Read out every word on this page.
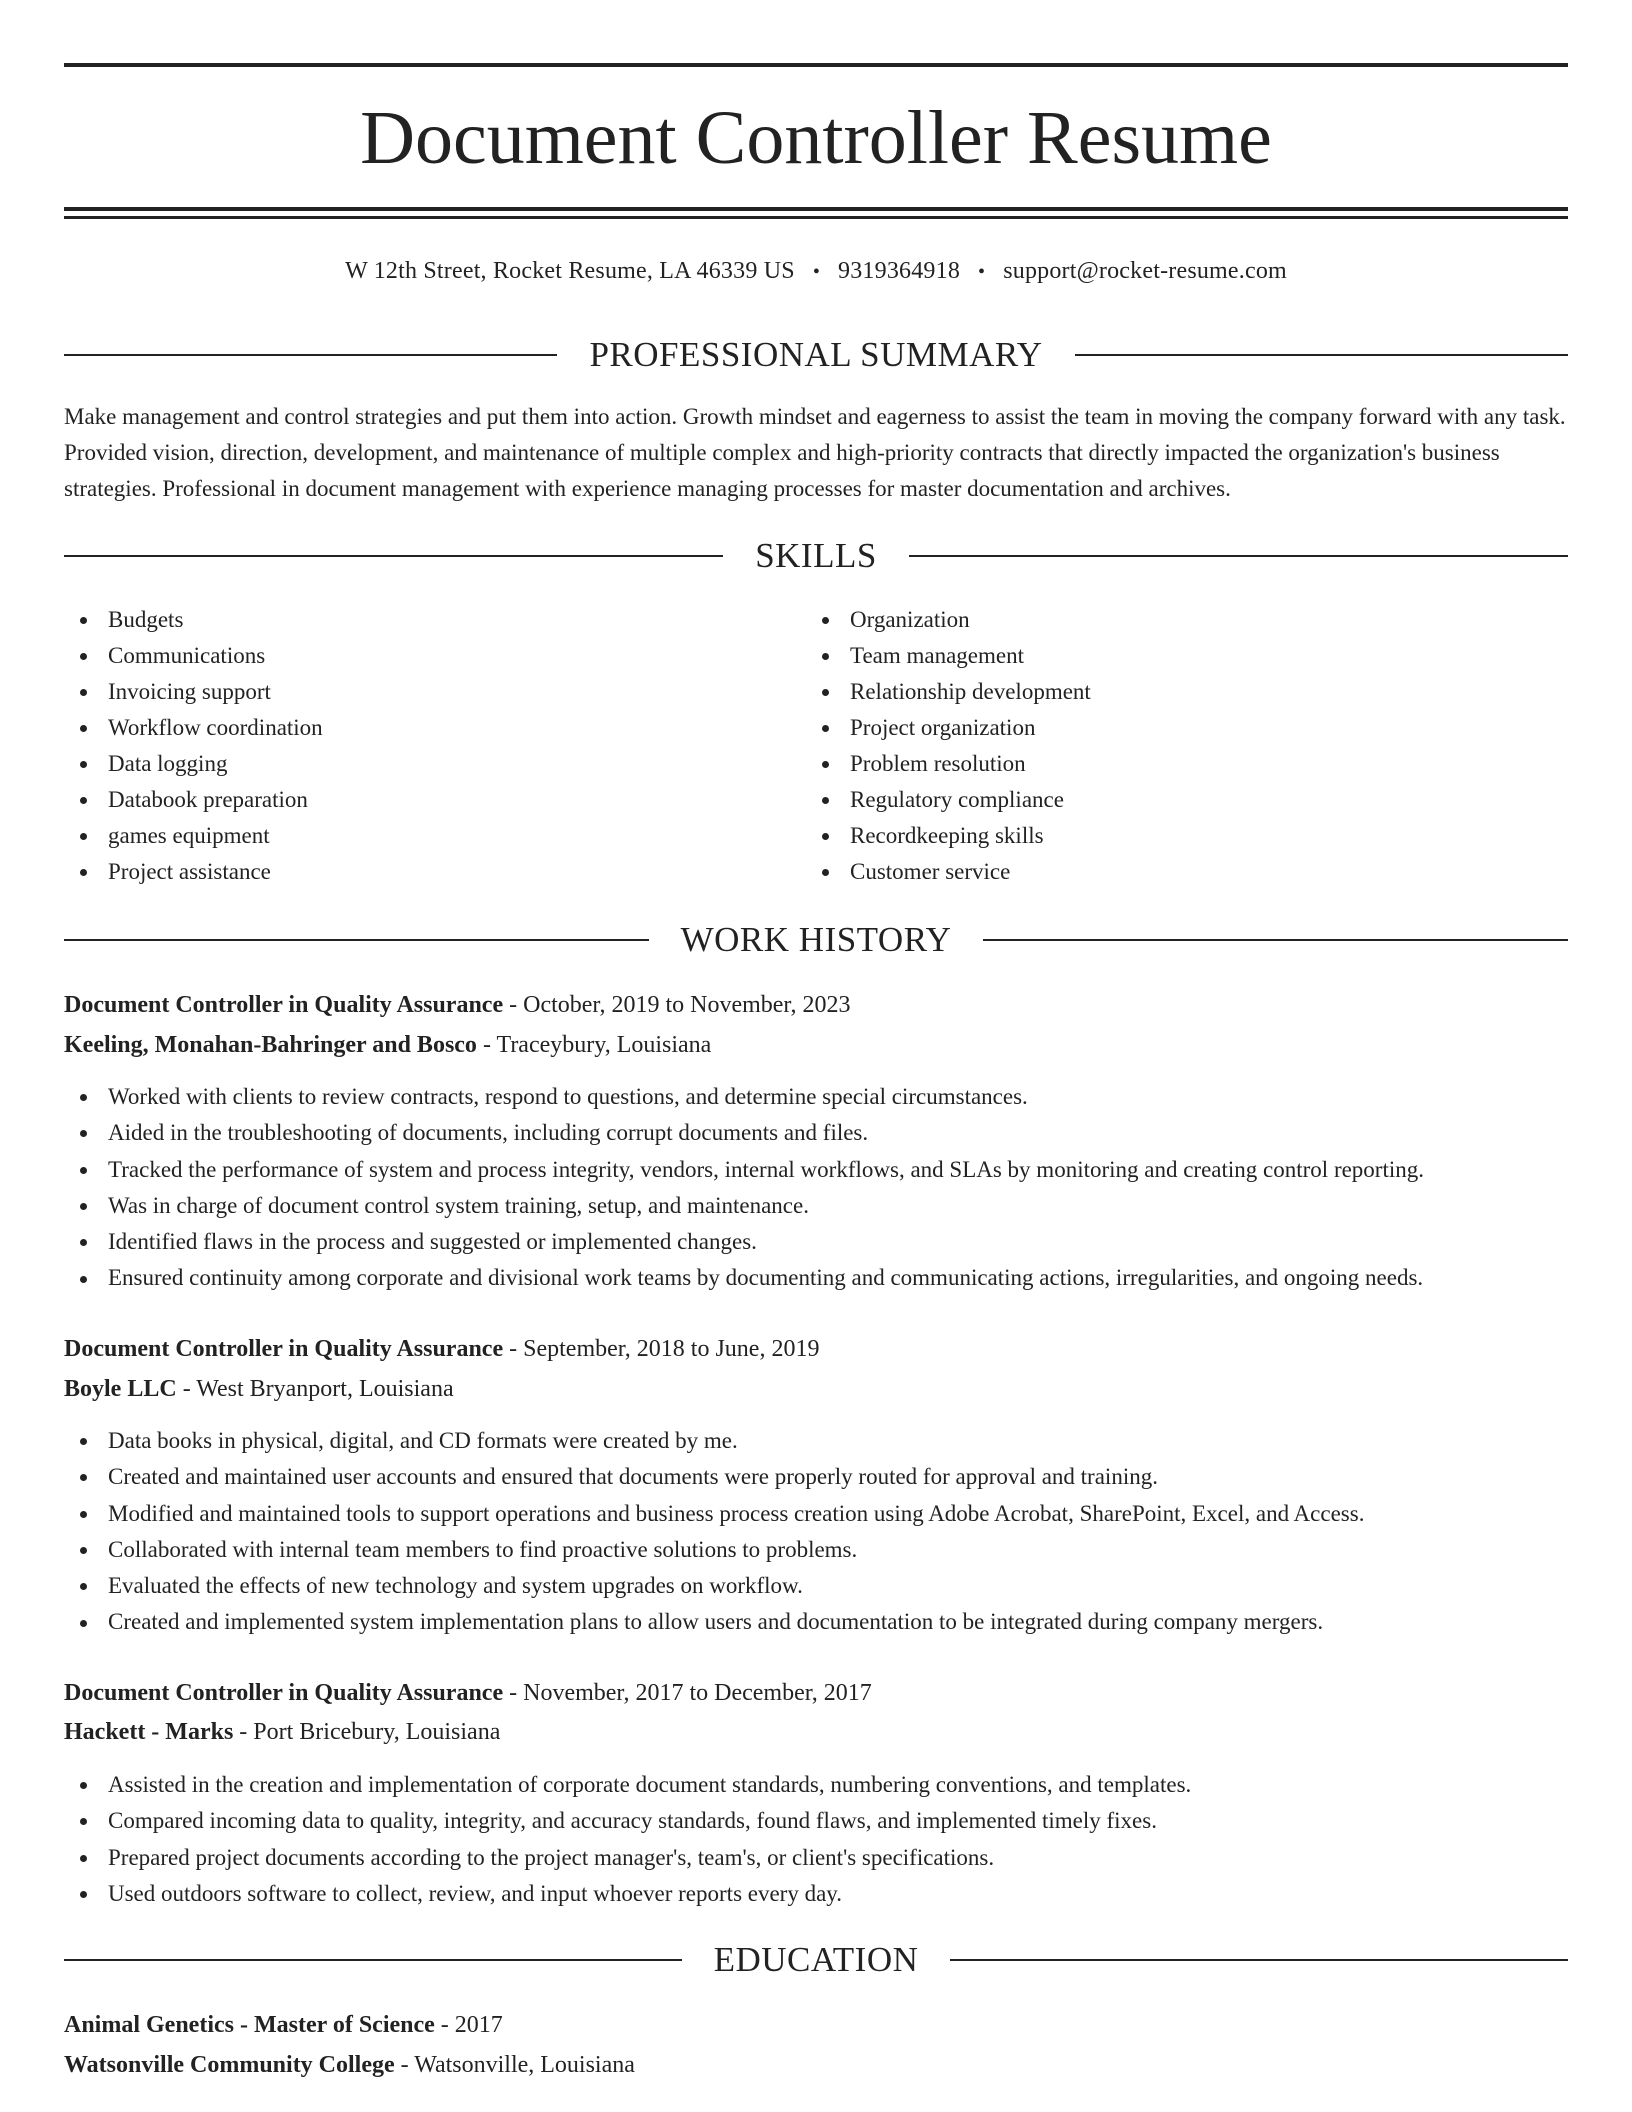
Document Controller Resume
W 12th Street, Rocket Resume, LA 46339 US • 9319364918 • support@rocket-resume.com
PROFESSIONAL SUMMARY
Make management and control strategies and put them into action. Growth mindset and eagerness to assist the team in moving the company forward with any task. Provided vision, direction, development, and maintenance of multiple complex and high-priority contracts that directly impacted the organization's business strategies. Professional in document management with experience managing processes for master documentation and archives.
SKILLS
Budgets
Communications
Invoicing support
Workflow coordination
Data logging
Databook preparation
games equipment
Project assistance
Organization
Team management
Relationship development
Project organization
Problem resolution
Regulatory compliance
Recordkeeping skills
Customer service
WORK HISTORY
Document Controller in Quality Assurance - October, 2019 to November, 2023
Keeling, Monahan-Bahringer and Bosco - Traceybury, Louisiana
Worked with clients to review contracts, respond to questions, and determine special circumstances.
Aided in the troubleshooting of documents, including corrupt documents and files.
Tracked the performance of system and process integrity, vendors, internal workflows, and SLAs by monitoring and creating control reporting.
Was in charge of document control system training, setup, and maintenance.
Identified flaws in the process and suggested or implemented changes.
Ensured continuity among corporate and divisional work teams by documenting and communicating actions, irregularities, and ongoing needs.
Document Controller in Quality Assurance - September, 2018 to June, 2019
Boyle LLC - West Bryanport, Louisiana
Data books in physical, digital, and CD formats were created by me.
Created and maintained user accounts and ensured that documents were properly routed for approval and training.
Modified and maintained tools to support operations and business process creation using Adobe Acrobat, SharePoint, Excel, and Access.
Collaborated with internal team members to find proactive solutions to problems.
Evaluated the effects of new technology and system upgrades on workflow.
Created and implemented system implementation plans to allow users and documentation to be integrated during company mergers.
Document Controller in Quality Assurance - November, 2017 to December, 2017
Hackett - Marks - Port Bricebury, Louisiana
Assisted in the creation and implementation of corporate document standards, numbering conventions, and templates.
Compared incoming data to quality, integrity, and accuracy standards, found flaws, and implemented timely fixes.
Prepared project documents according to the project manager's, team's, or client's specifications.
Used outdoors software to collect, review, and input whoever reports every day.
EDUCATION
Animal Genetics - Master of Science - 2017
Watsonville Community College - Watsonville, Louisiana
